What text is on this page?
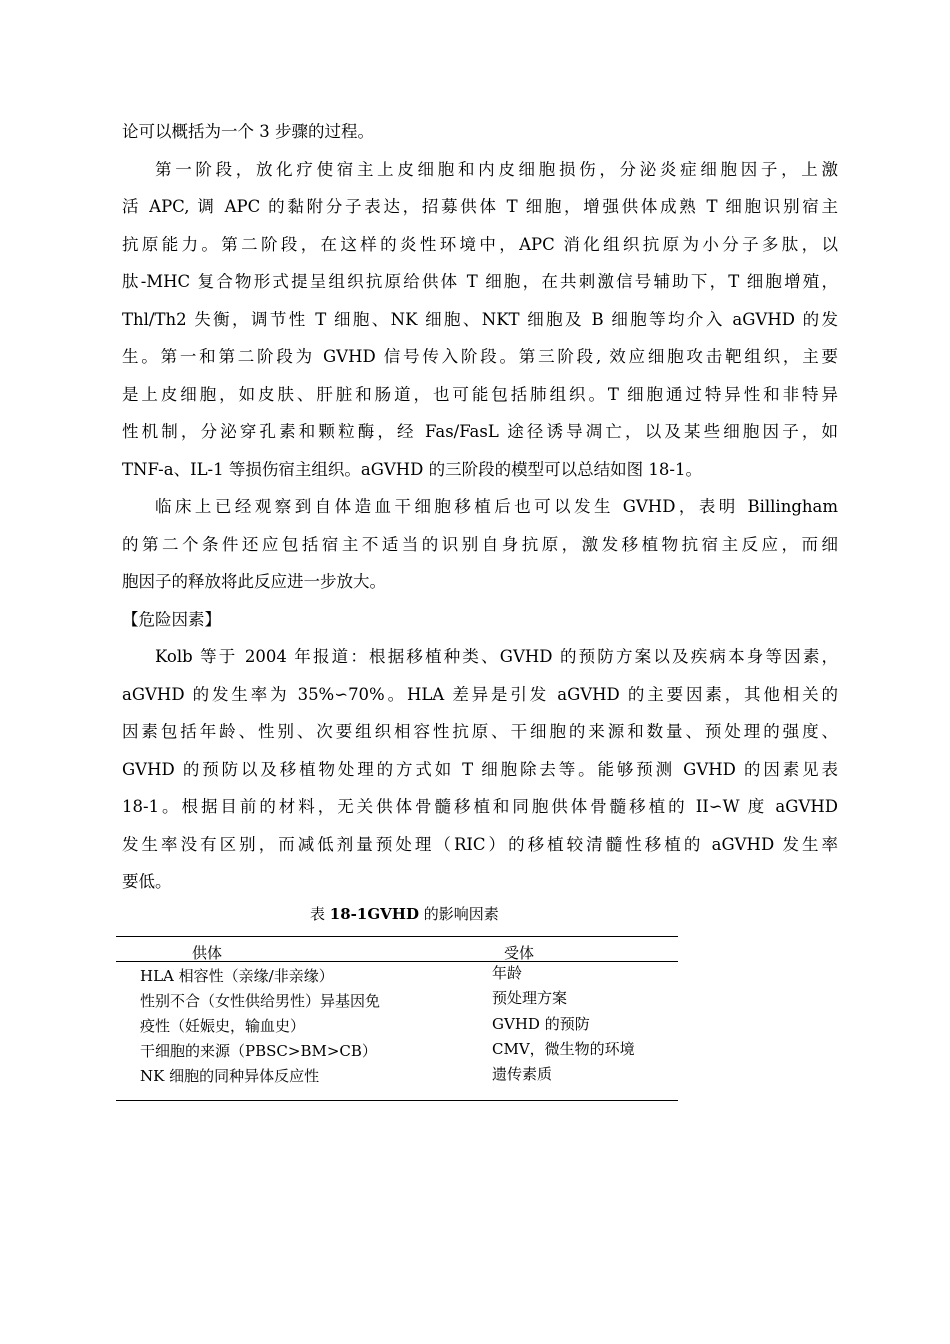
论可以概括为一个 3 步骤的过程。
第一阶段，放化疗使宿主上皮细胞和内皮细胞损伤，分泌炎症细胞因子，上激
活 APC, 调 APC 的黏附分子表达，招募供体 T 细胞，增强供体成熟 T 细胞识别宿主
抗原能力。第二阶段，在这样的炎性环境中，APC 消化组织抗原为小分子多肽，以
肽-MHC 复合物形式提呈组织抗原给供体 T 细胞，在共刺激信号辅助下，T 细胞增殖，
Thl/Th2 失衡，调节性 T 细胞、NK 细胞、NKT 细胞及 B 细胞等均介入 aGVHD 的发
生。第一和第二阶段为 GVHD 信号传入阶段。第三阶段, 效应细胞攻击靶组织，主要
是上皮细胞，如皮肤、肝脏和肠道，也可能包括肺组织。T 细胞通过特异性和非特异
性机制，分泌穿孔素和颗粒酶，经 Fas/FasL 途径诱导凋亡，以及某些细胞因子，如
TNF-a、IL-1 等损伤宿主组织。aGVHD 的三阶段的模型可以总结如图 18-1。
临床上已经观察到自体造血干细胞移植后也可以发生 GVHD，表明 Billingham
的第二个条件还应包括宿主不适当的识别自身抗原，激发移植物抗宿主反应，而细
胞因子的释放将此反应进一步放大。
【危险因素】
Kolb 等于 2004 年报道：根据移植种类、GVHD 的预防方案以及疾病本身等因素，
aGVHD 的发生率为 35%∽70%。HLA 差异是引发 aGVHD 的主要因素，其他相关的
因素包括年龄、性别、次要组织相容性抗原、干细胞的来源和数量、预处理的强度、
GVHD 的预防以及移植物处理的方式如 T 细胞除去等。能够预测 GVHD 的因素见表
18-1。根据目前的材料，无关供体骨髓移植和同胞供体骨髓移植的 II∽W 度 aGVHD
发生率没有区别，而减低剂量预处理（RIC）的移植较清髓性移植的 aGVHD 发生率
要低。
表 18-1GVHD 的影响因素
供体	受体
HLA 相容性（亲缘/非亲缘）
性别不合（女性供给男性）异基因免
疫性（妊娠史，输血史）
干细胞的来源（PBSC>BM>CB）
NK 细胞的同种异体反应性
年龄
预处理方案
GVHD 的预防
CMV，微生物的环境
遗传素质
